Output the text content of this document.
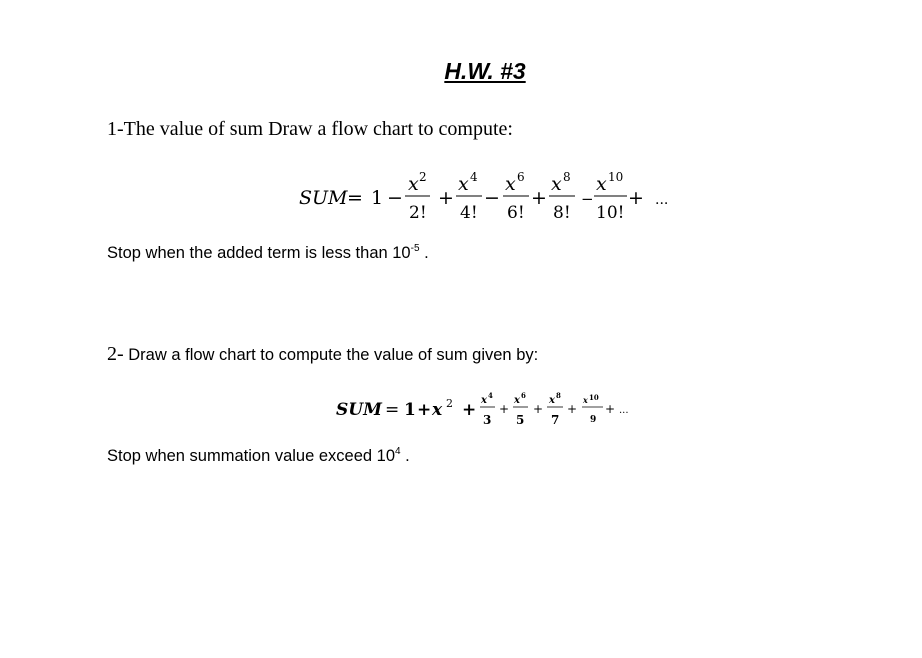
H.W. #3
1-The value of sum Draw a flow chart to compute:
SUM = 1 −
x 2
2!
+
x 4
4!
−
x 6
6!
+
x 8
8!
−
x 10
10!
+ ...
Stop when the added term is less than $10^{-5}$ .
2- Draw a flow chart to compute the value of sum given by:
SUM = 1 + x 2 + x 4
3
+
x 6
5
+
x 8
7
+
x 10
9
+ ...
Stop when summation value exceed $10^4$ .
